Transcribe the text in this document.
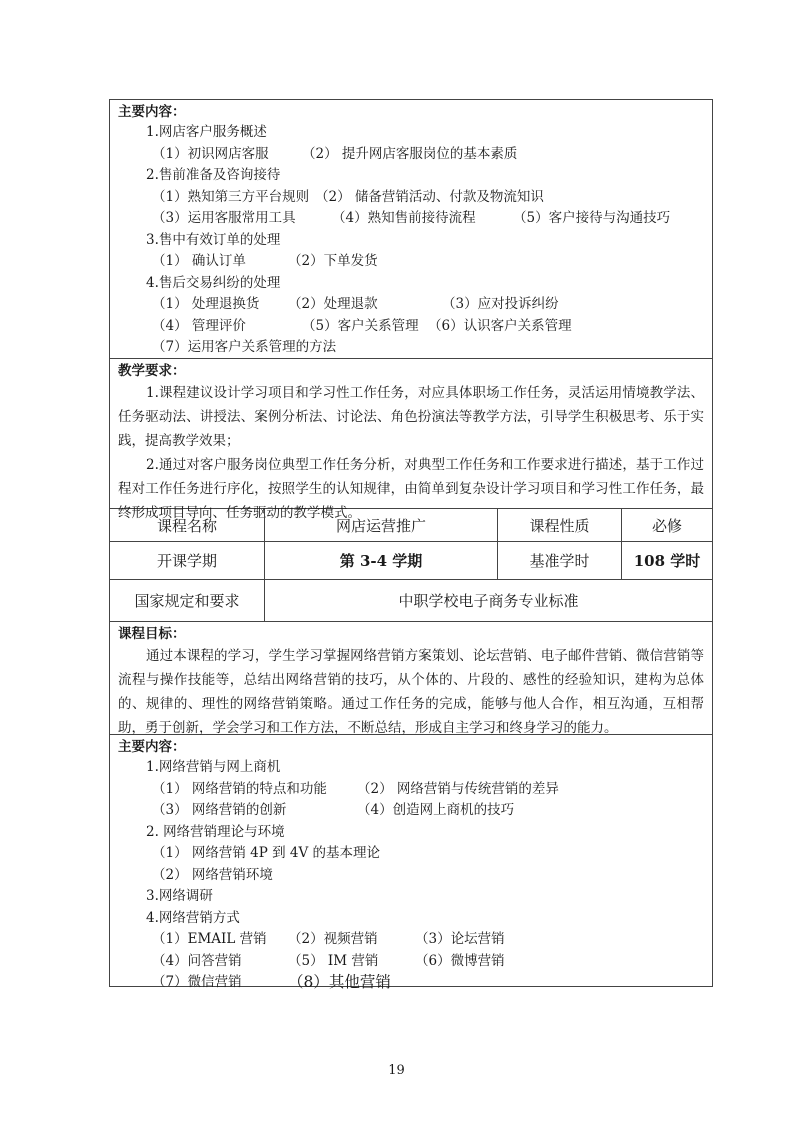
主要内容：
1.网店客户服务概述
（1）初识网店客服 （2） 提升网店客服岗位的基本素质
2.售前准备及咨询接待
（1）熟知第三方平台规则 （2） 储备营销活动、付款及物流知识
（3）运用客服常用工具	（4）熟知售前接待流程	（5）客户接待与沟通技巧
3.售中有效订单的处理
（1） 确认订单	（2）下单发货
4.售后交易纠纷的处理
（1） 处理退换货 （2）处理退款	（3）应对投诉纠纷
（4） 管理评价	（5）客户关系管理 （6）认识客户关系管理
（7）运用客户关系管理的方法
教学要求：
1.课程建议设计学习项目和学习性工作任务，对应具体职场工作任务，灵活运用情境教学法、任务驱动法、讲授法、案例分析法、讨论法、角色扮演法等教学方法，引导学生积极思考、乐于实践，提高教学效果；
2.通过对客户服务岗位典型工作任务分析，对典型工作任务和工作要求进行描述，基于工作过程对工作任务进行序化，按照学生的认知规律，由简单到复杂设计学习项目和学习性工作任务，最终形成项目导向、任务驱动的教学模式。
课程名称	网店运营推广	课程性质	必修
开课学期	第 3-4 学期	基准学时	108 学时
国家规定和要求	中职学校电子商务专业标准
课程目标：
通过本课程的学习，学生学习掌握网络营销方案策划、论坛营销、电子邮件营销、微信营销等流程与操作技能等，总结出网络营销的技巧，从个体的、片段的、感性的经验知识，建构为总体的、规律的、理性的网络营销策略。通过工作任务的完成，能够与他人合作，相互沟通，互相帮助，勇于创新，学会学习和工作方法，不断总结，形成自主学习和终身学习的能力。
主要内容：
1.网络营销与网上商机
（1） 网络营销的特点和功能 （2） 网络营销与传统营销的差异
（3） 网络营销的创新	（4）创造网上商机的技巧
2. 网络营销理论与环境
（1） 网络营销 4P 到 4V 的基本理论
（2） 网络营销环境
3.网络调研
4.网络营销方式
（1）EMAIL 营销 （2）视频营销	（3）论坛营销
（4）问答营销	（5） IM 营销	（6）微博营销
（7）微信营销	（8）其他营销
19
